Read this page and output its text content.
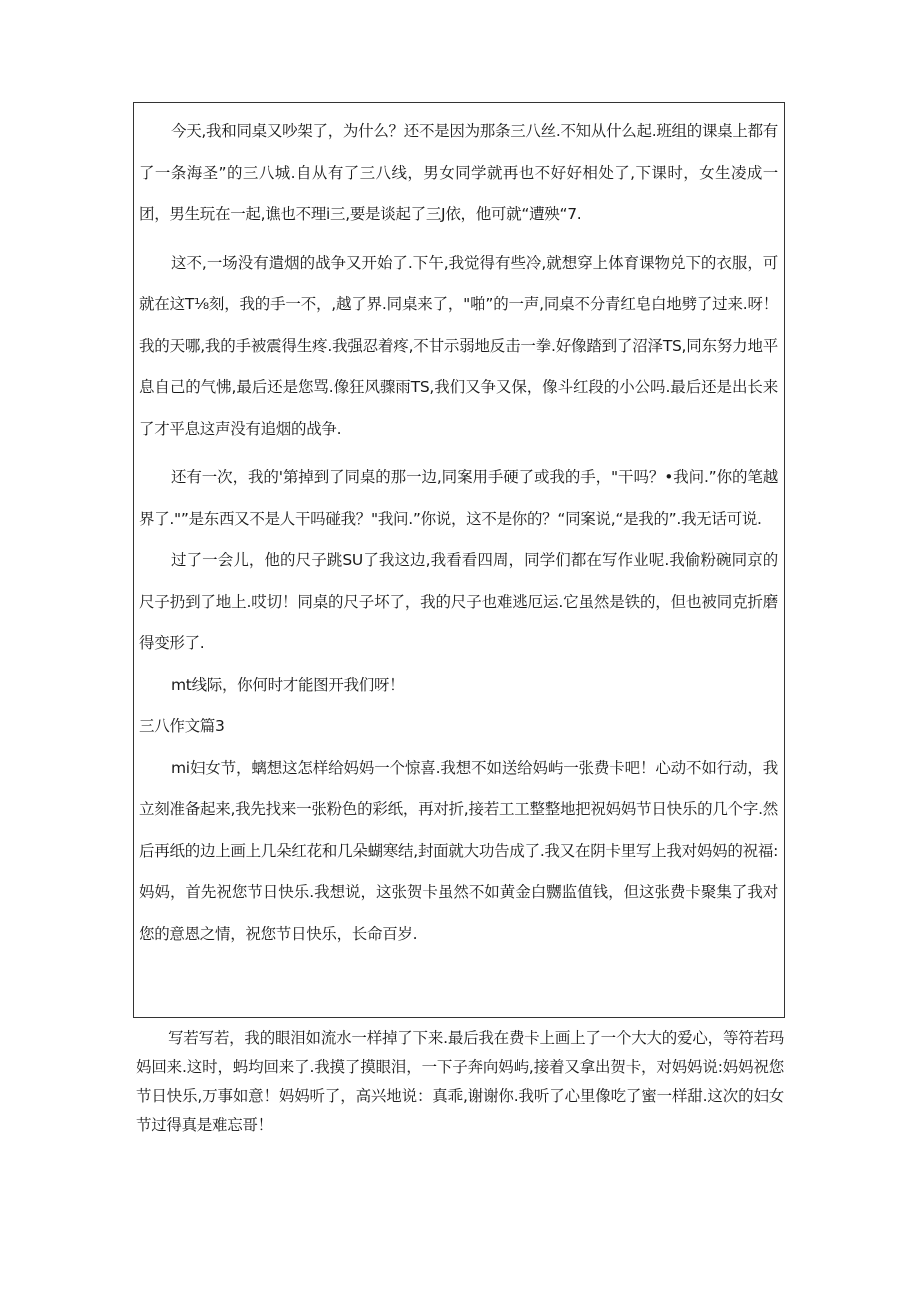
今天,我和同桌又吵架了，为什么？还不是因为那条三八丝.不知从什么起.班组的课桌上都有了一条海圣”的三八城.自从有了三八线，男女同学就再也不好好相处了,下课时，女生凌成一团，男生玩在一起,谯也不理ⅰ三,要是谈起了三J依，他可就“遭殃“7.

这不,一场没有遣烟的战争又开始了.下午,我觉得有些冷,就想穿上体育课物兑下的衣服，可就在这T⅛刻，我的手一不，,越了界.同桌来了，"啪”的一声,同桌不分青红皂白地劈了过来.呀！我的天哪,我的手被震得生疼.我强忍着疼,不甘示弱地反击一拳.好像踏到了沼泽TS,同东努力地平息自己的气怫,最后还是您骂.像狂风骤雨TS,我们又争又保，像斗红段的小公吗.最后还是出长来了才平息这声没有追烟的战争.

还有一次，我的'第掉到了同桌的那一边,同案用手硬了或我的手，"干吗？•我问.”你的笔越界了."”是东西又不是人干吗碰我？"我问.”你说，这不是你的？“同案说,“是我的”.我无话可说.

过了一会儿，他的尺子跳SU了我这边,我看看四周，同学们都在写作业呢.我偷粉碗同京的尺子扔到了地上.哎切！同桌的尺子坏了，我的尺子也难逃厄运.它虽然是铁的，但也被同克折磨得变形了.

mt线际，你何时才能图开我们呀！

三八作文篇3

mi妇女节，螭想这怎样给妈妈一个惊喜.我想不如送给妈屿一张费卡吧！心动不如行动，我立刻准备起来,我先找来一张粉色的彩纸，再对折,接若工工整整地把祝妈妈节日快乐的几个字.然后再纸的边上画上几朵红花和几朵蝴寒结,封面就大功告成了.我又在阴卡里写上我对妈妈的祝福: 妈妈，首先祝您节日快乐.我想说，这张贺卡虽然不如黄金白嬲监值钱，但这张费卡聚集了我对您的意恩之情，祝您节日快乐，长命百岁.

写若写若，我的眼泪如流水一样掉了下来.最后我在费卡上画上了一个大大的爱心，等符若玛妈回来.这时，蚂均回来了.我摸了摸眼泪，一下子奔向妈屿,接着又拿出贺卡，对妈妈说:妈妈祝您节日快乐,万事如意！妈妈听了，高兴地说：真乖,谢谢你.我听了心里像吃了蜜一样甜.这次的妇女节过得真是难忘哥！
